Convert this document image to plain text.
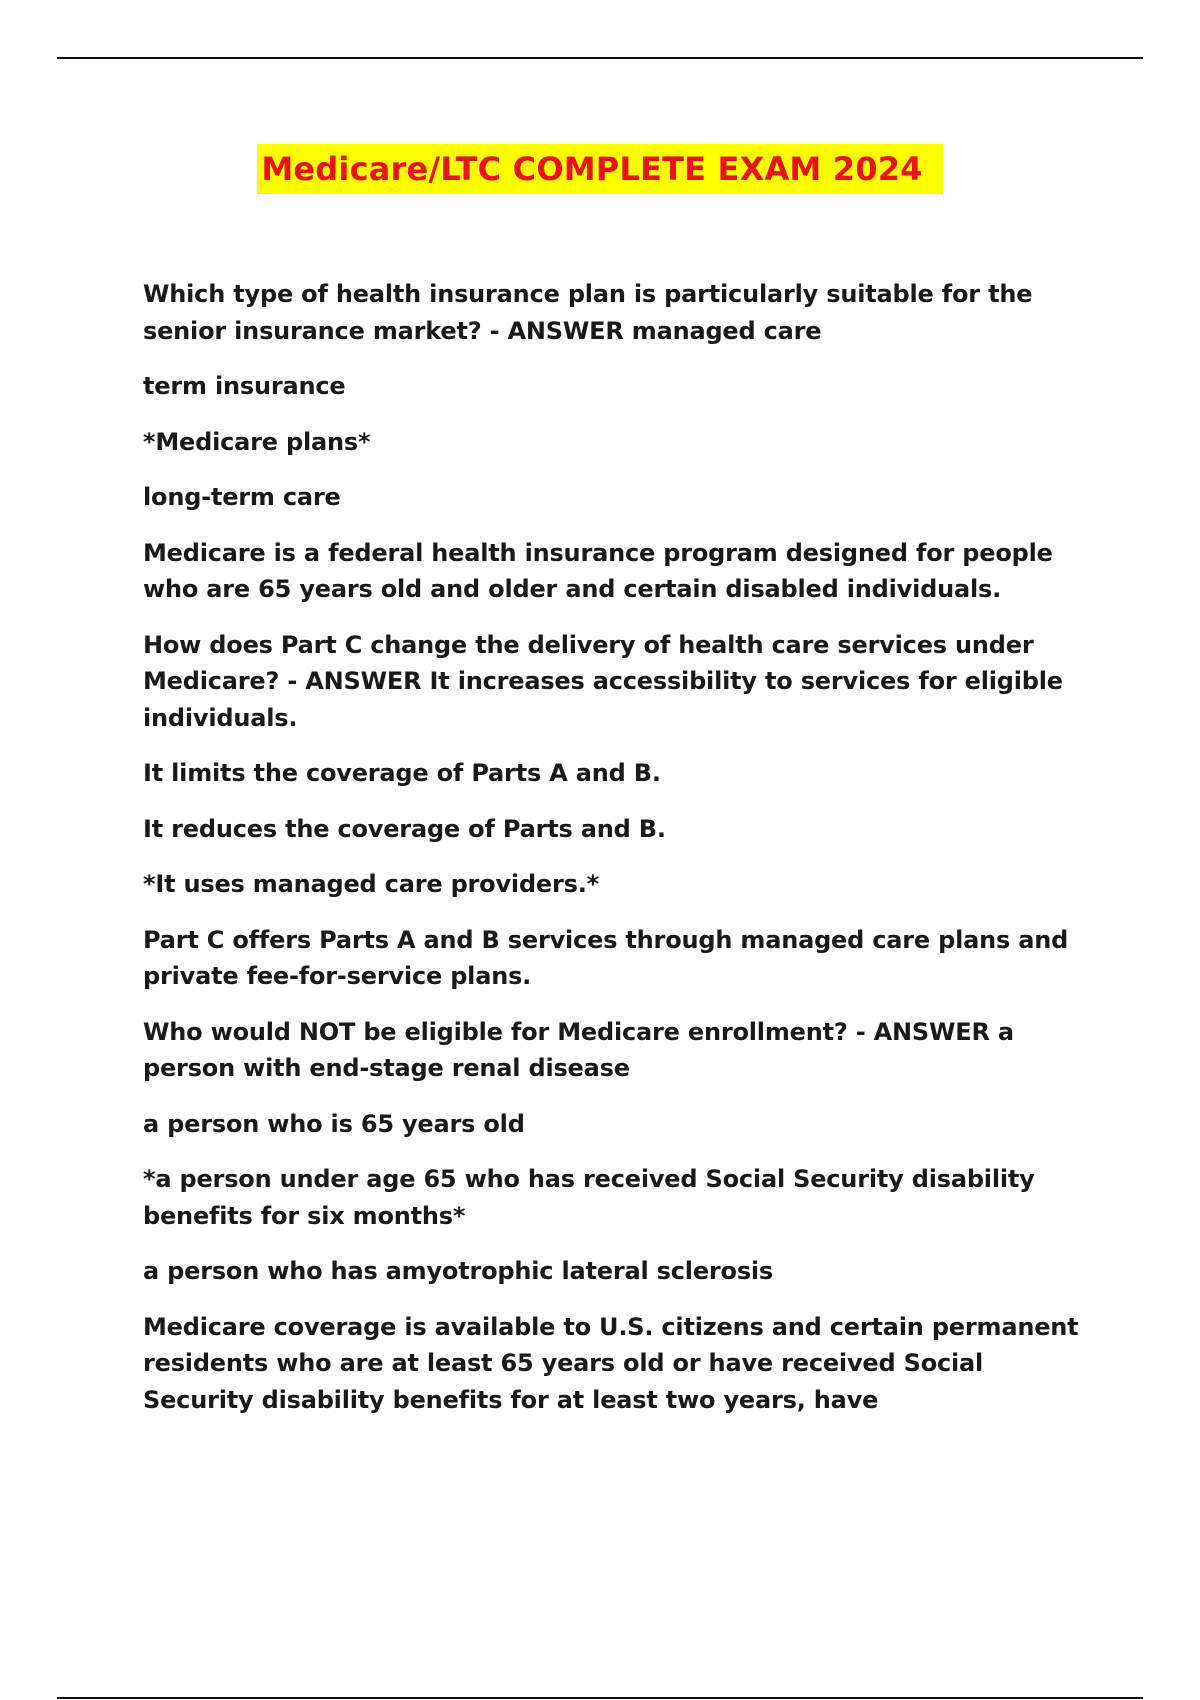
Medicare/LTC COMPLETE EXAM 2024

Which type of health insurance plan is particularly suitable for the senior insurance market? - ANSWER managed care

term insurance

*Medicare plans*

long-term care

Medicare is a federal health insurance program designed for people who are 65 years old and older and certain disabled individuals.

How does Part C change the delivery of health care services under Medicare? - ANSWER It increases accessibility to services for eligible individuals.

It limits the coverage of Parts A and B.

It reduces the coverage of Parts and B.

*It uses managed care providers.*

Part C offers Parts A and B services through managed care plans and private fee-for-service plans.

Who would NOT be eligible for Medicare enrollment? - ANSWER a person with end-stage renal disease

a person who is 65 years old

*a person under age 65 who has received Social Security disability benefits for six months*

a person who has amyotrophic lateral sclerosis

Medicare coverage is available to U.S. citizens and certain permanent residents who are at least 65 years old or have received Social Security disability benefits for at least two years, have
